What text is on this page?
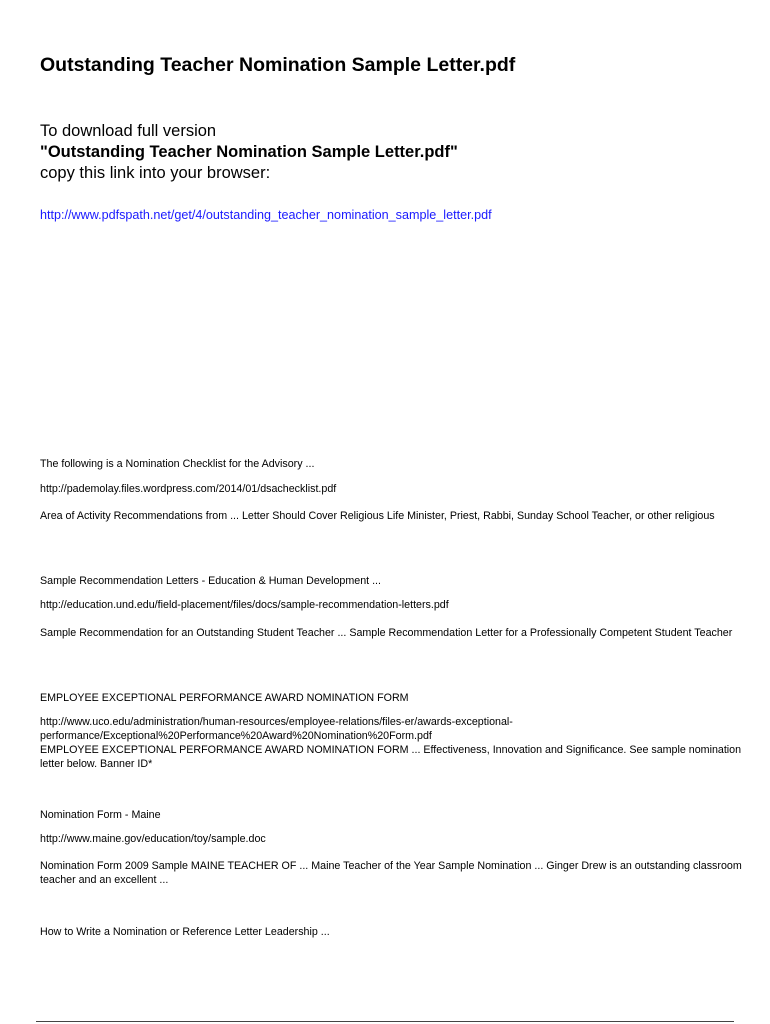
Outstanding Teacher Nomination Sample Letter.pdf
To download full version
"Outstanding Teacher Nomination Sample Letter.pdf"
copy this link into your browser:
http://www.pdfspath.net/get/4/outstanding_teacher_nomination_sample_letter.pdf
The following is a Nomination Checklist for the Advisory ...
http://pademolay.files.wordpress.com/2014/01/dsachecklist.pdf
Area of Activity Recommendations from ... Letter Should Cover Religious Life Minister, Priest, Rabbi, Sunday School Teacher, or other religious
Sample Recommendation Letters - Education & Human Development ...
http://education.und.edu/field-placement/files/docs/sample-recommendation-letters.pdf
Sample Recommendation for an Outstanding Student Teacher ... Sample Recommendation Letter for a Professionally Competent Student Teacher
EMPLOYEE EXCEPTIONAL PERFORMANCE AWARD NOMINATION FORM
http://www.uco.edu/administration/human-resources/employee-relations/files-er/awards-exceptional-performance/Exceptional%20Performance%20Award%20Nomination%20Form.pdf
EMPLOYEE EXCEPTIONAL PERFORMANCE AWARD NOMINATION FORM ... Effectiveness, Innovation and Significance. See sample nomination letter below. Banner ID*
Nomination Form - Maine
http://www.maine.gov/education/toy/sample.doc
Nomination Form 2009 Sample MAINE TEACHER OF ... Maine Teacher of the Year Sample Nomination ... Ginger Drew is an outstanding classroom teacher and an excellent ...
How to Write a Nomination or Reference Letter Leadership ...
